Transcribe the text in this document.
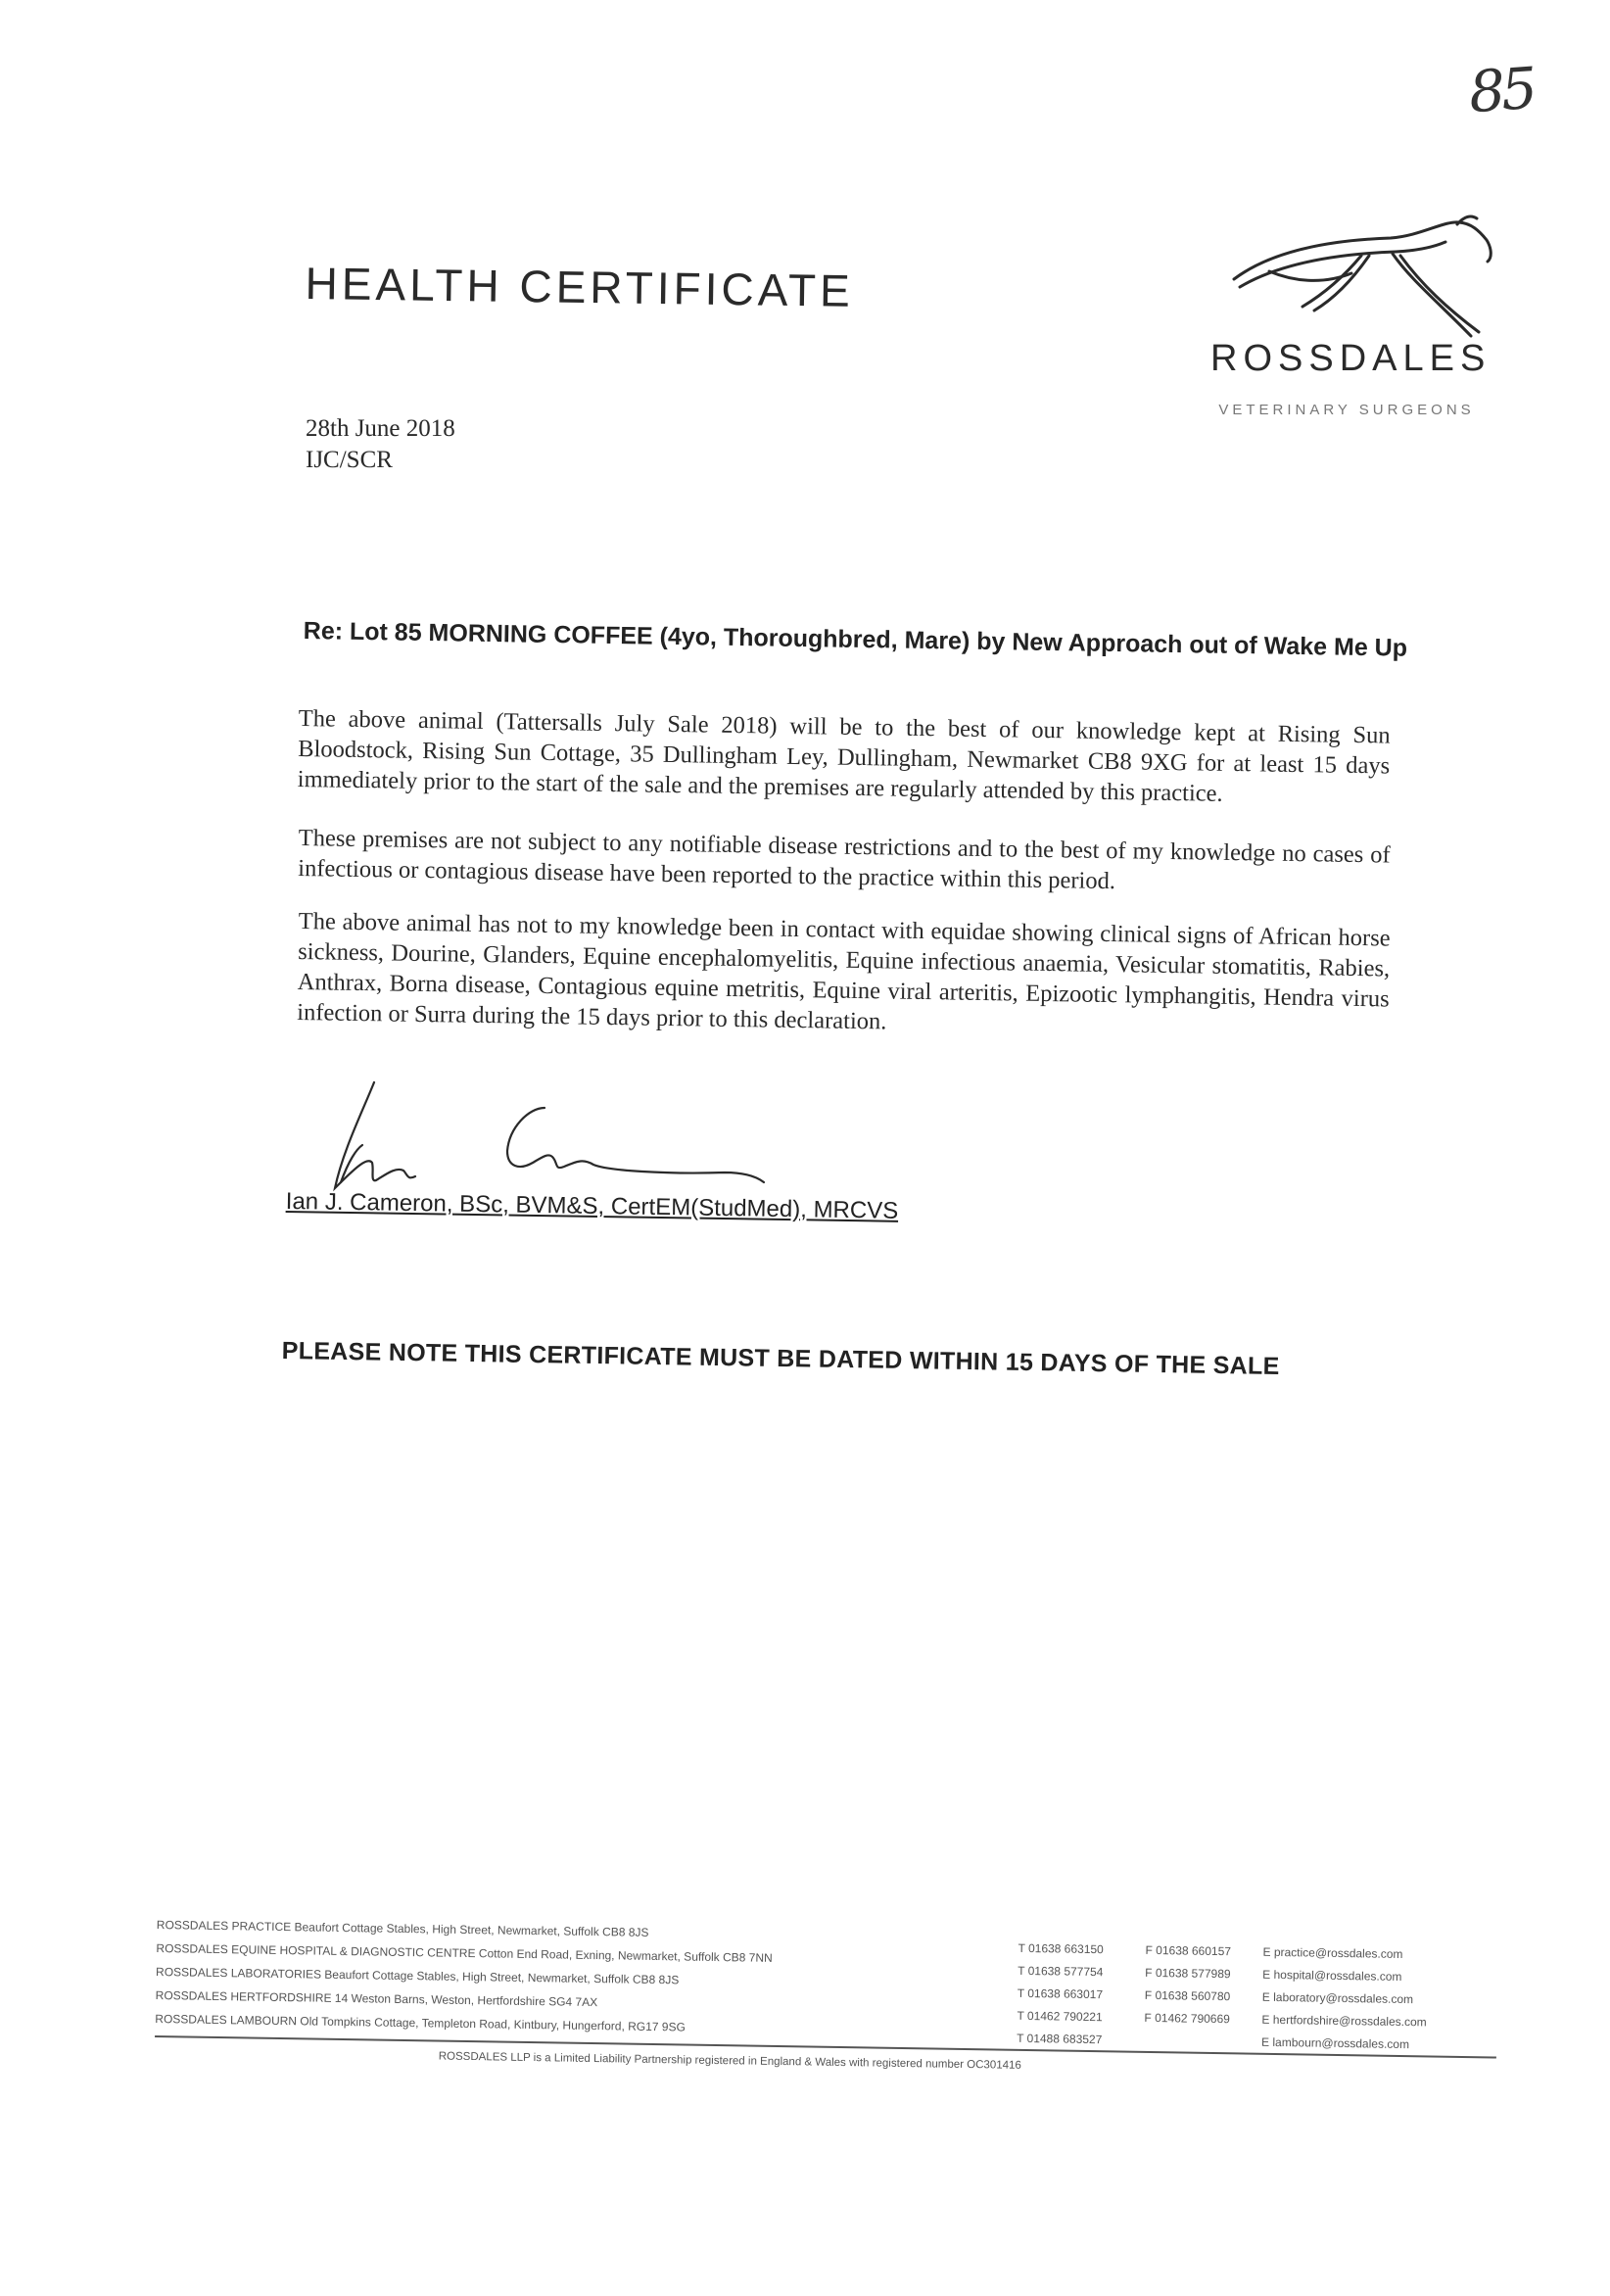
85
HEALTH CERTIFICATE
ROSSDALES
VETERINARY SURGEONS
28th June 2018
IJC/SCR
Re: Lot 85 MORNING COFFEE (4yo, Thoroughbred, Mare) by New Approach out of Wake Me Up
The above animal (Tattersalls July Sale 2018) will be to the best of our knowledge kept at Rising Sun Bloodstock, Rising Sun Cottage, 35 Dullingham Ley, Dullingham, Newmarket CB8 9XG for at least 15 days immediately prior to the start of the sale and the premises are regularly attended by this practice.
These premises are not subject to any notifiable disease restrictions and to the best of my knowledge no cases of infectious or contagious disease have been reported to the practice within this period.
The above animal has not to my knowledge been in contact with equidae showing clinical signs of African horse sickness, Dourine, Glanders, Equine encephalomyelitis, Equine infectious anaemia, Vesicular stomatitis, Rabies, Anthrax, Borna disease, Contagious equine metritis, Equine viral arteritis, Epizootic lymphangitis, Hendra virus infection or Surra during the 15 days prior to this declaration.
Ian J. Cameron, BSc, BVM&S, CertEM(StudMed), MRCVS
PLEASE NOTE THIS CERTIFICATE MUST BE DATED WITHIN 15 DAYS OF THE SALE
ROSSDALES PRACTICE Beaufort Cottage Stables, High Street, Newmarket, Suffolk CB8 8JS
ROSSDALES EQUINE HOSPITAL & DIAGNOSTIC CENTRE Cotton End Road, Exning, Newmarket, Suffolk CB8 7NN
ROSSDALES LABORATORIES Beaufort Cottage Stables, High Street, Newmarket, Suffolk CB8 8JS
ROSSDALES HERTFORDSHIRE 14 Weston Barns, Weston, Hertfordshire SG4 7AX
ROSSDALES LAMBOURN Old Tompkins Cottage, Templeton Road, Kintbury, Hungerford, RG17 9SG
T 01638 663150
T 01638 577754
T 01638 663017
T 01462 790221
T 01488 683527
F 01638 660157
F 01638 577989
F 01638 560780
F 01462 790669
E practice@rossdales.com
E hospital@rossdales.com
E laboratory@rossdales.com
E hertfordshire@rossdales.com
E lambourn@rossdales.com
ROSSDALES LLP is a Limited Liability Partnership registered in England & Wales with registered number OC301416
